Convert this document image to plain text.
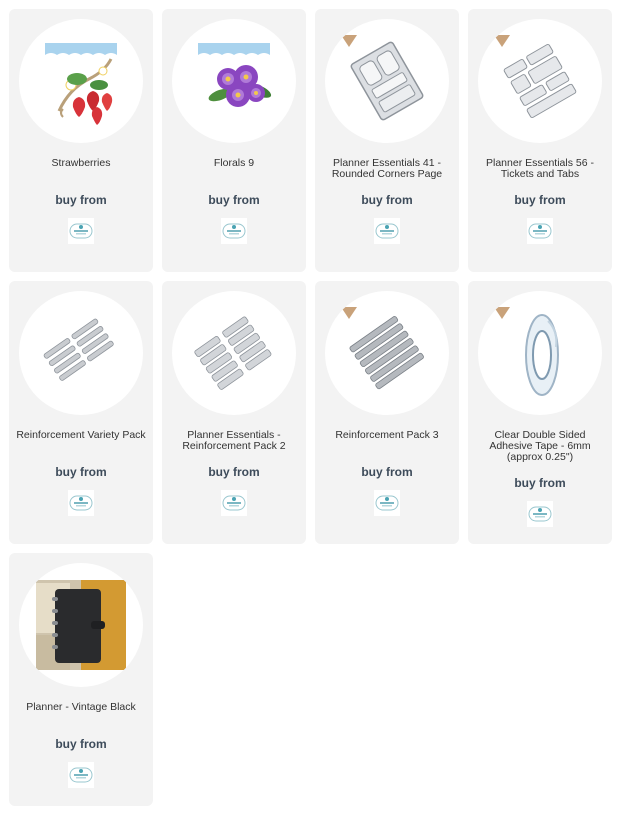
Strawberries
buy from
Florals 9
buy from
Planner Essentials 41 - Rounded Corners Page
buy from
Planner Essentials 56 - Tickets and Tabs
buy from
Reinforcement Variety Pack
buy from
Planner Essentials - Reinforcement Pack 2
buy from
Reinforcement Pack 3
buy from
Clear Double Sided Adhesive Tape - 6mm (approx 0.25")
buy from
Planner - Vintage Black
buy from
